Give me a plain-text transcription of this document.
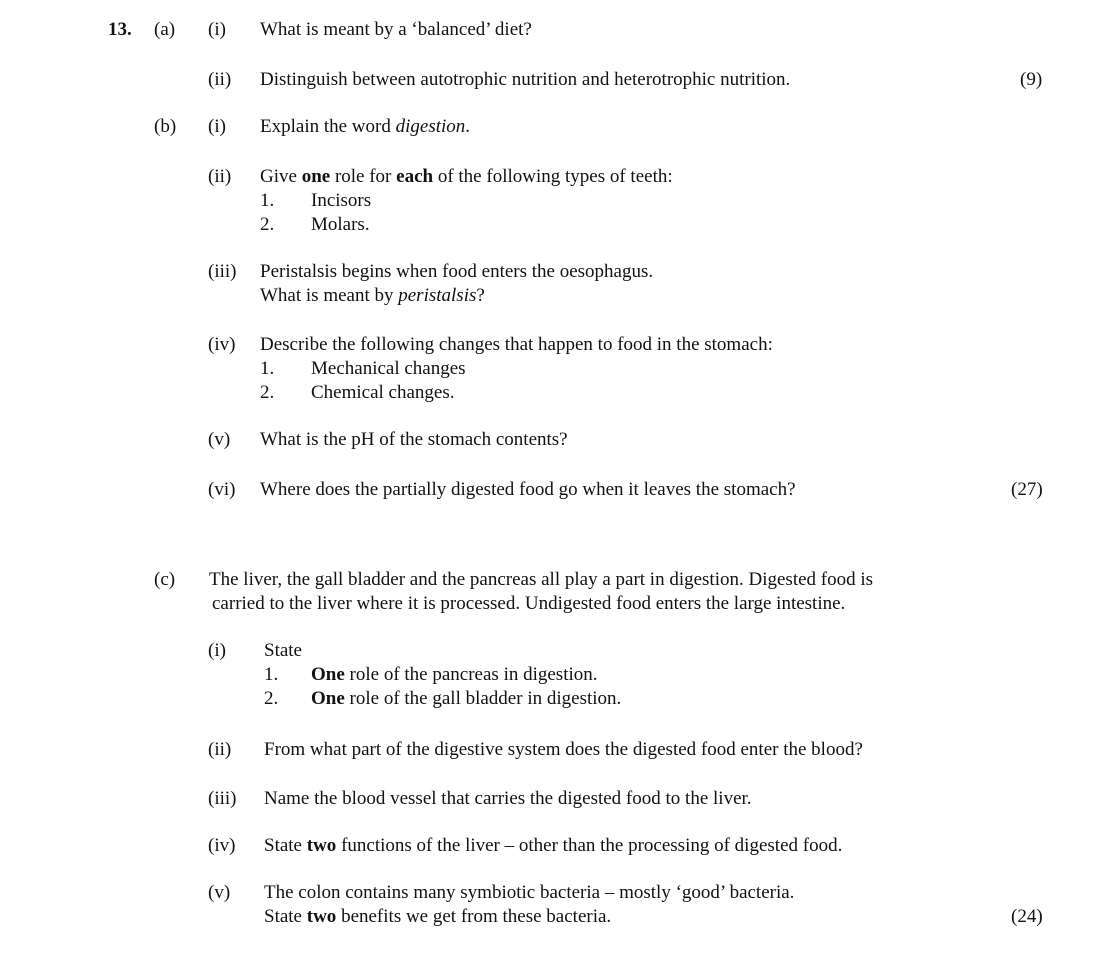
13. (a) (i) What is meant by a ‘balanced’ diet?
(ii) Distinguish between autotrophic nutrition and heterotrophic nutrition.	(9)
(b) (i) Explain the word digestion.
(ii) Give one role for each of the following types of teeth:
1. Incisors
2. Molars.
(iii) Peristalsis begins when food enters the oesophagus.
What is meant by peristalsis?
(iv) Describe the following changes that happen to food in the stomach:
1. Mechanical changes
2. Chemical changes.
(v) What is the pH of the stomach contents?
(vi) Where does the partially digested food go when it leaves the stomach?	(27)
(c) The liver, the gall bladder and the pancreas all play a part in digestion. Digested food is
carried to the liver where it is processed. Undigested food enters the large intestine.
(i) State
1. One role of the pancreas in digestion.
2. One role of the gall bladder in digestion.
(ii) From what part of the digestive system does the digested food enter the blood?
(iii) Name the blood vessel that carries the digested food to the liver.
(iv) State two functions of the liver – other than the processing of digested food.
(v) The colon contains many symbiotic bacteria – mostly ‘good’ bacteria.
State two benefits we get from these bacteria.	(24)
